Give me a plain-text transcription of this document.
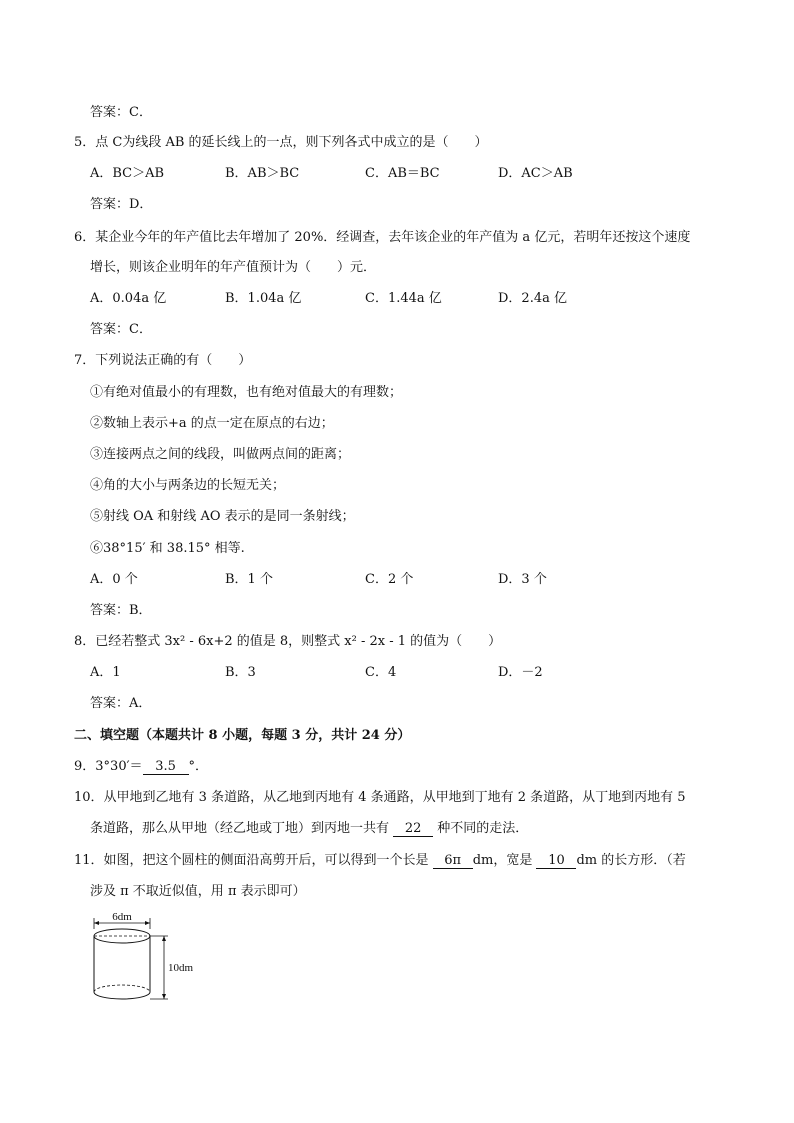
答案：C．
5．点 C为线段 AB 的延长线上的一点，则下列各式中成立的是（　　）
A．BC＞AB	B．AB＞BC	C．AB＝BC	D．AC＞AB
答案：D．
6．某企业今年的年产值比去年增加了 20%．经调查，去年该企业的年产值为 a 亿元，若明年还按这个速度
增长，则该企业明年的年产值预计为（　　）元．
A．0.04a 亿	B．1.04a 亿	C．1.44a 亿	D．2.4a 亿
答案：C．
7．下列说法正确的有（　　）
①有绝对值最小的有理数，也有绝对值最大的有理数；
②数轴上表示+a 的点一定在原点的右边；
③连接两点之间的线段，叫做两点间的距离；
④角的大小与两条边的长短无关；
⑤射线 OA 和射线 AO 表示的是同一条射线；
⑥38°15′ 和 38.15° 相等.
A．0 个	B．1 个	C．2 个	D．3 个
答案：B．
8．已经若整式 3x² ‑ 6x+2 的值是 8，则整式 x² ‑ 2x ‑ 1 的值为（　　）
A．1	B．3	C．4	D．－2
答案：A．
二、填空题（本题共计 8 小题，每题 3 分，共计 24 分）
9．3°30′＝ 3.5 °．
10．从甲地到乙地有 3 条道路，从乙地到丙地有 4 条通路，从甲地到丁地有 2 条道路，从丁地到丙地有 5
条道路，那么从甲地（经乙地或丁地）到丙地一共有 22 种不同的走法．
11．如图，把这个圆柱的侧面沿高剪开后，可以得到一个长是 6π dm，宽是 10 dm 的长方形．（若
涉及 π 不取近似值，用 π 表示即可）
6dm
10dm
